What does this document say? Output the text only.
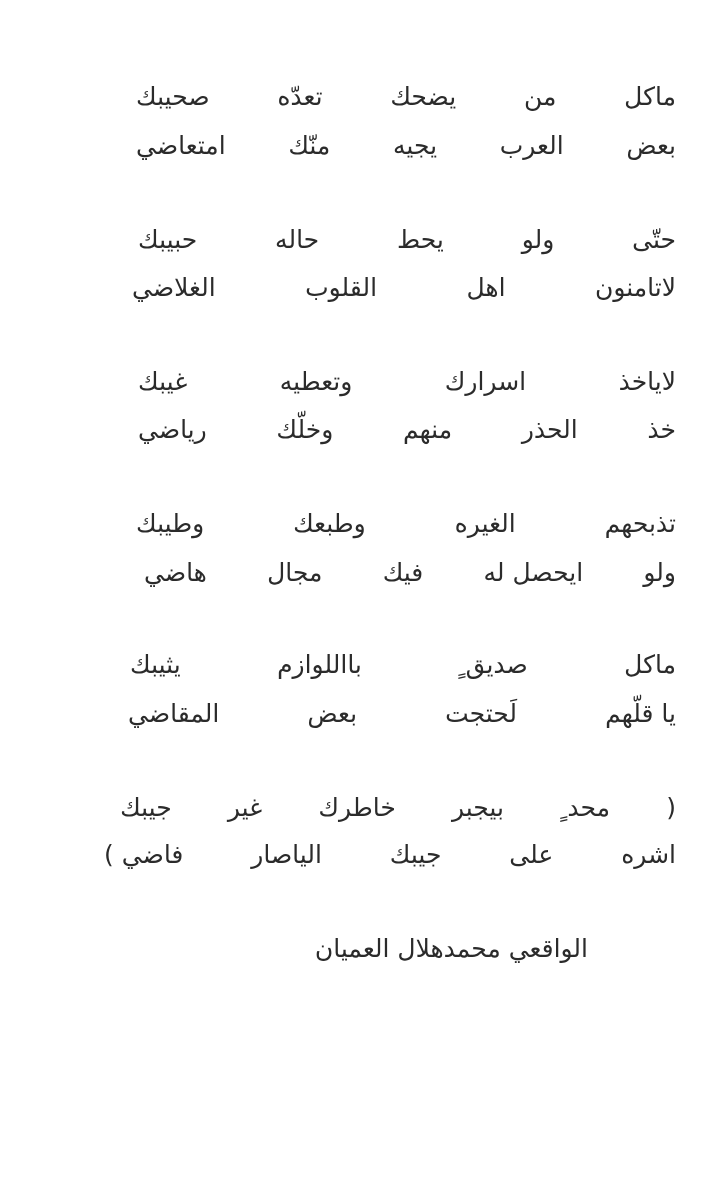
ماكل
من
يضحك
تعدّه
صحيبك
بعض
العرب
يجيه
منّك
امتعاضي
حتّى
ولو
يحط
حاله
حبيبك
لاتامنون
اهل
القلوب
الغلاضي
لاياخذ
اسرارك
وتعطيه
غيبك
خذ
الحذر
منهم
وخلّك
رياضي
تذبحهم
الغيره
وطبعك
وطيبك
ولو
ايحصل له
فيك
مجال
هاضي
ماكل
صديق ٍ
بااللوازم
يثيبك
يا قلّهم
لَحتجت
بعض
المقاضي
(
محد ٍ
بيجبر
خاطرك
غير
جيبك
اشره
على
جيبك
الياصار
فاضي )
الواقعي محمدهلال العميان
